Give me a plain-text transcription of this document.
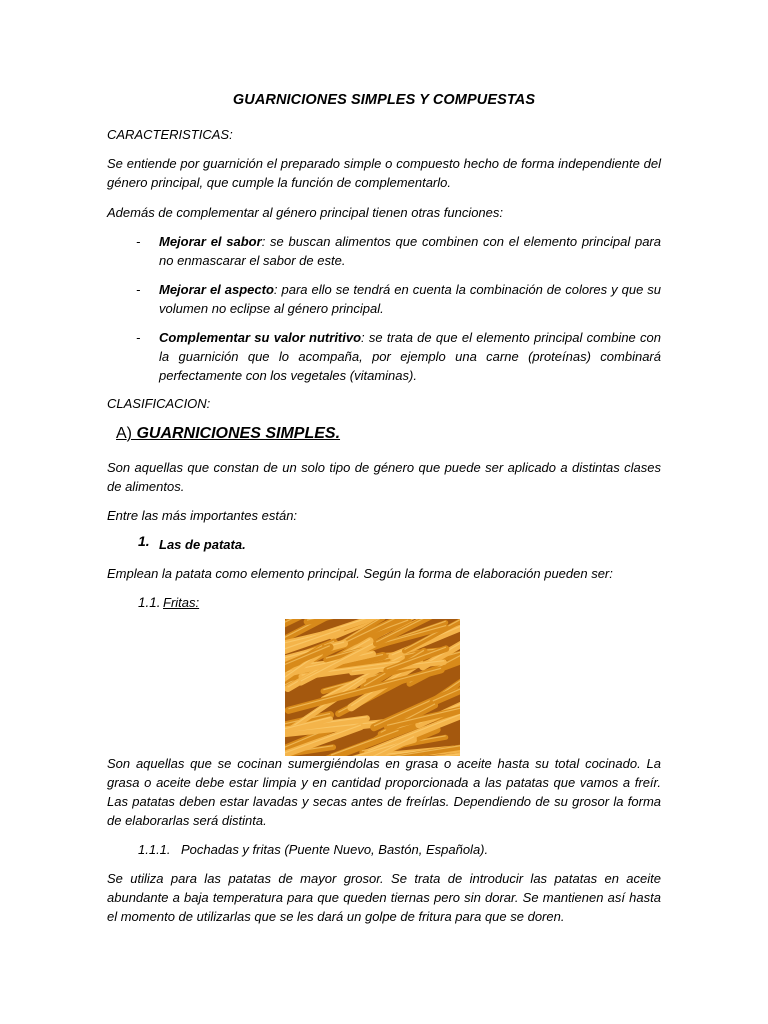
GUARNICIONES SIMPLES Y COMPUESTAS

CARACTERISTICAS:

Se entiende por guarnición el preparado simple o compuesto hecho de forma independiente del género principal, que cumple la función de complementarlo.

Además de complementar al género principal tienen otras funciones:

- Mejorar el sabor: se buscan alimentos que combinen con el elemento principal para no enmascarar el sabor de este.
- Mejorar el aspecto: para ello se tendrá en cuenta la combinación de colores y que su volumen no eclipse al género principal.
- Complementar su valor nutritivo: se trata de que el elemento principal combine con la guarnición que lo acompaña, por ejemplo una carne (proteínas) combinará perfectamente con los vegetales (vitaminas).

CLASIFICACION:

A) GUARNICIONES SIMPLES.

Son aquellas que constan de un solo tipo de género que puede ser aplicado a distintas clases de alimentos.

Entre las más importantes están:

1. Las de patata.

Emplean la patata como elemento principal. Según la forma de elaboración pueden ser:

1.1. Fritas:

Son aquellas que se cocinan sumergiéndolas en grasa o aceite hasta su total cocinado. La grasa o aceite debe estar limpia y en cantidad proporcionada a las patatas que vamos a freír. Las patatas deben estar lavadas y secas antes de freírlas. Dependiendo de su grosor la forma de elaborarlas será distinta.

1.1.1. Pochadas y fritas (Puente Nuevo, Bastón, Española).

Se utiliza para las patatas de mayor grosor. Se trata de introducir las patatas en aceite abundante a baja temperatura para que queden tiernas pero sin dorar. Se mantienen así hasta el momento de utilizarlas que se les dará un golpe de fritura para que se doren.
